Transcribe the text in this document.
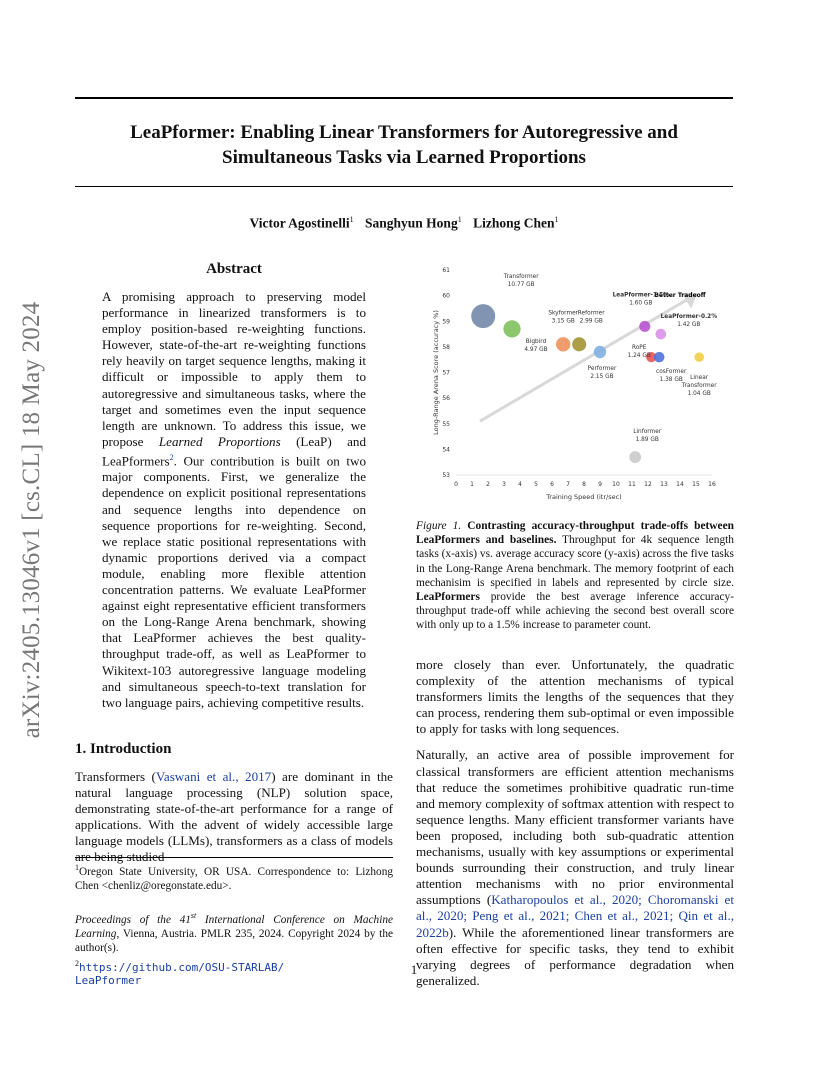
LeaPformer: Enabling Linear Transformers for Autoregressive and
Simultaneous Tasks via Learned Proportions
Victor Agostinelli$^1$ Sanghyun Hong$^1$ Lizhong Chen$^1$
arXiv:2405.13046v1 [cs.CL] 18 May 2024
Abstract
A promising approach to preserving model performance in linearized transformers is to employ position-based re-weighting functions. However, state-of-the-art re-weighting functions rely heavily on target sequence lengths, making it difficult or impossible to apply them to autoregressive and simultaneous tasks, where the target and sometimes even the input sequence length are unknown. To address this issue, we propose Learned Proportions (LeaP) and LeaPformers$^2$. Our contribution is built on two major components. First, we generalize the dependence on explicit positional representations and sequence lengths into dependence on sequence proportions for re-weighting. Second, we replace static positional representations with dynamic proportions derived via a compact module, enabling more flexible attention concentration patterns. We evaluate LeaPformer against eight representative efficient transformers on the Long-Range Arena benchmark, showing that LeaPformer achieves the best quality-throughput trade-off, as well as LeaPformer to Wikitext-103 autoregressive language modeling and simultaneous speech-to-text translation for two language pairs, achieving competitive results.
1. Introduction
Transformers (Vaswani et al., 2017) are dominant in the natural language processing (NLP) solution space, demonstrating state-of-the-art performance for a range of applications. With the advent of widely accessible large language models (LLMs), transformers as a class of models are being studied
$^1$Oregon State University, OR USA. Correspondence to: Lizhong Chen <chenliz@oregonstate.edu>.
Proceedings of the 41st International Conference on Machine Learning, Vienna, Austria. PMLR 235, 2024. Copyright 2024 by the author(s).
$^2$https://github.com/OSU-STARLAB/
LeaPformer
0 1 2 3 4 5 6 7 8 9 10 11 12 13 14 15 16
53
54
55
56
57
58
59
60
61
Training Speed (itr/sec)
Long-Range Arena Score (accuracy %)
Better Tradeoff
Transformer
10.77 GB
Bigbird
4.97 GB
Skyformer
3.15 GB
Reformer
2.99 GB
Performer
2.15 GB
LeaPformer-1.5%
1.60 GB
LeaPformer-0.2%
1.42 GB
RoPE
1.24 GB
cosFormer
1.38 GB Linear
Transformer
1.04 GB
Linformer
1.89 GB
Figure 1. Contrasting accuracy-throughput trade-offs between LeaPformers and baselines. Throughput for 4k sequence length tasks (x-axis) vs. average accuracy score (y-axis) across the five tasks in the Long-Range Arena benchmark. The memory footprint of each mechanisim is specified in labels and represented by circle size. LeaPformers provide the best average inference accuracy-throughput trade-off while achieving the second best overall score with only up to a 1.5% increase to parameter count.

more closely than ever. Unfortunately, the quadratic complexity of the attention mechanisms of typical transformers limits the lengths of the sequences that they can process, rendering them sub-optimal or even impossible to apply for tasks with long sequences.

Naturally, an active area of possible improvement for classical transformers are efficient attention mechanisms that reduce the sometimes prohibitive quadratic run-time and memory complexity of softmax attention with respect to sequence lengths. Many efficient transformer variants have been proposed, including both sub-quadratic attention mechanisms, usually with key assumptions or experimental bounds surrounding their construction, and truly linear attention mechanisms with no prior environmental assumptions (Katharopoulos et al., 2020; Choromanski et al., 2020; Peng et al., 2021; Chen et al., 2021; Qin et al., 2022b). While the aforementioned linear transformers are often effective for specific tasks, they tend to exhibit varying degrees of performance degradation when generalized.

1
